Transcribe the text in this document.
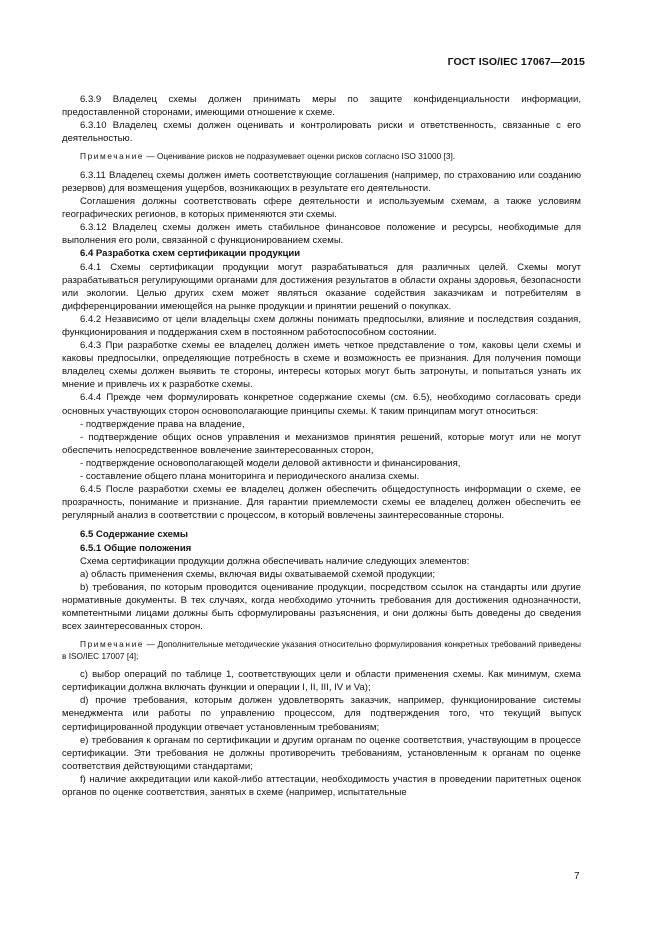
ГОСТ ISO/IEC 17067—2015

6.3.9 Владелец схемы должен принимать меры по защите конфиденциальности информации, предоставленной сторонами, имеющими отношение к схеме.

6.3.10 Владелец схемы должен оценивать и контролировать риски и ответственность, связанные с его деятельностью.

Примечание — Оценивание рисков не подразумевает оценки рисков согласно ISO 31000 [3].

6.3.11 Владелец схемы должен иметь соответствующие соглашения (например, по страхованию или созданию резервов) для возмещения ущербов, возникающих в результате его деятельности.

Соглашения должны соответствовать сфере деятельности и используемым схемам, а также условиям географических регионов, в которых применяются эти схемы.

6.3.12 Владелец схемы должен иметь стабильное финансовое положение и ресурсы, необходимые для выполнения его роли, связанной с функционированием схемы.

6.4 Разработка схем сертификации продукции

6.4.1 Схемы сертификации продукции могут разрабатываться для различных целей. Схемы могут разрабатываться регулирующими органами для достижения результатов в области охраны здоровья, безопасности или экологии. Целью других схем может являться оказание содействия заказчикам и потребителям в дифференцировании имеющейся на рынке продукции и принятии решений о покупках.

6.4.2 Независимо от цели владельцы схем должны понимать предпосылки, влияние и последствия создания, функционирования и поддержания схем в постоянном работоспособном состоянии.

6.4.3 При разработке схемы ее владелец должен иметь четкое представление о том, каковы цели схемы и каковы предпосылки, определяющие потребность в схеме и возможность ее признания. Для получения помощи владелец схемы должен выявить те стороны, интересы которых могут быть затронуты, и попытаться узнать их мнение и привлечь их к разработке схемы.

6.4.4 Прежде чем формулировать конкретное содержание схемы (см. 6.5), необходимо согласовать среди основных участвующих сторон основополагающие принципы схемы. К таким принципам могут относиться:

- подтверждение права на владение,

- подтверждение общих основ управления и механизмов принятия решений, которые могут или не могут обеспечить непосредственное вовлечение заинтересованных сторон,

- подтверждение основополагающей модели деловой активности и финансирования,

- составление общего плана мониторинга и периодического анализа схемы.

6.4.5 После разработки схемы ее владелец должен обеспечить общедоступность информации о схеме, ее прозрачность, понимание и признание. Для гарантии приемлемости схемы ее владелец должен обеспечить ее регулярный анализ в соответствии с процессом, в который вовлечены заинтересованные стороны.

6.5 Содержание схемы

6.5.1 Общие положения

Схема сертификации продукции должна обеспечивать наличие следующих элементов:

а) область применения схемы, включая виды охватываемой схемой продукции;

b) требования, по которым проводится оценивание продукции, посредством ссылок на стандарты или другие нормативные документы. В тех случаях, когда необходимо уточнить требования для достижения однозначности, компетентными лицами должны быть сформулированы разъяснения, и они должны быть доведены до сведения всех заинтересованных сторон.

Примечание — Дополнительные методические указания относительно формулирования конкретных требований приведены в ISO/IEC 17007 [4];

c) выбор операций по таблице 1, соответствующих цели и области применения схемы. Как минимум, схема сертификации должна включать функции и операции I, II, III, IV и Va);

d) прочие требования, которым должен удовлетворять заказчик, например, функционирование системы менеджмента или работы по управлению процессом, для подтверждения того, что текущий выпуск сертифицированной продукции отвечает установленным требованиям;

e) требования к органам по сертификации и другим органам по оценке соответствия, участвующим в процессе сертификации. Эти требования не должны противоречить требованиям, установленным к органам по оценке соответствия действующими стандартами;

f) наличие аккредитации или какой-либо аттестации, необходимость участия в проведении паритетных оценок органов по оценке соответствия, занятых в схеме (например, испытательные

7
